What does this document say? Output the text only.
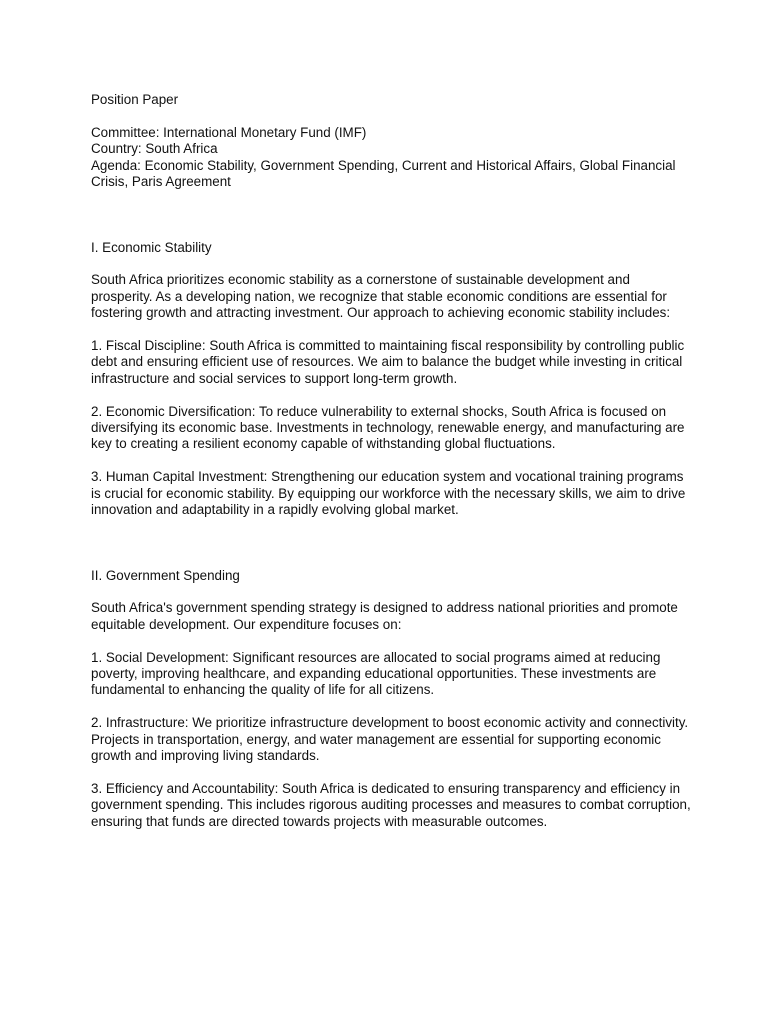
Position Paper

Committee: International Monetary Fund (IMF)

Country: South Africa

Agenda: Economic Stability, Government Spending, Current and Historical Affairs, Global Financial Crisis, Paris Agreement

I. Economic Stability

South Africa prioritizes economic stability as a cornerstone of sustainable development and prosperity. As a developing nation, we recognize that stable economic conditions are essential for fostering growth and attracting investment. Our approach to achieving economic stability includes:

1. Fiscal Discipline: South Africa is committed to maintaining fiscal responsibility by controlling public debt and ensuring efficient use of resources. We aim to balance the budget while investing in critical infrastructure and social services to support long-term growth.

2. Economic Diversification: To reduce vulnerability to external shocks, South Africa is focused on diversifying its economic base. Investments in technology, renewable energy, and manufacturing are key to creating a resilient economy capable of withstanding global fluctuations.

3. Human Capital Investment: Strengthening our education system and vocational training programs is crucial for economic stability. By equipping our workforce with the necessary skills, we aim to drive innovation and adaptability in a rapidly evolving global market.

II. Government Spending

South Africa's government spending strategy is designed to address national priorities and promote equitable development. Our expenditure focuses on:

1. Social Development: Significant resources are allocated to social programs aimed at reducing poverty, improving healthcare, and expanding educational opportunities. These investments are fundamental to enhancing the quality of life for all citizens.

2. Infrastructure: We prioritize infrastructure development to boost economic activity and connectivity. Projects in transportation, energy, and water management are essential for supporting economic growth and improving living standards.

3. Efficiency and Accountability: South Africa is dedicated to ensuring transparency and efficiency in government spending. This includes rigorous auditing processes and measures to combat corruption, ensuring that funds are directed towards projects with measurable outcomes.
